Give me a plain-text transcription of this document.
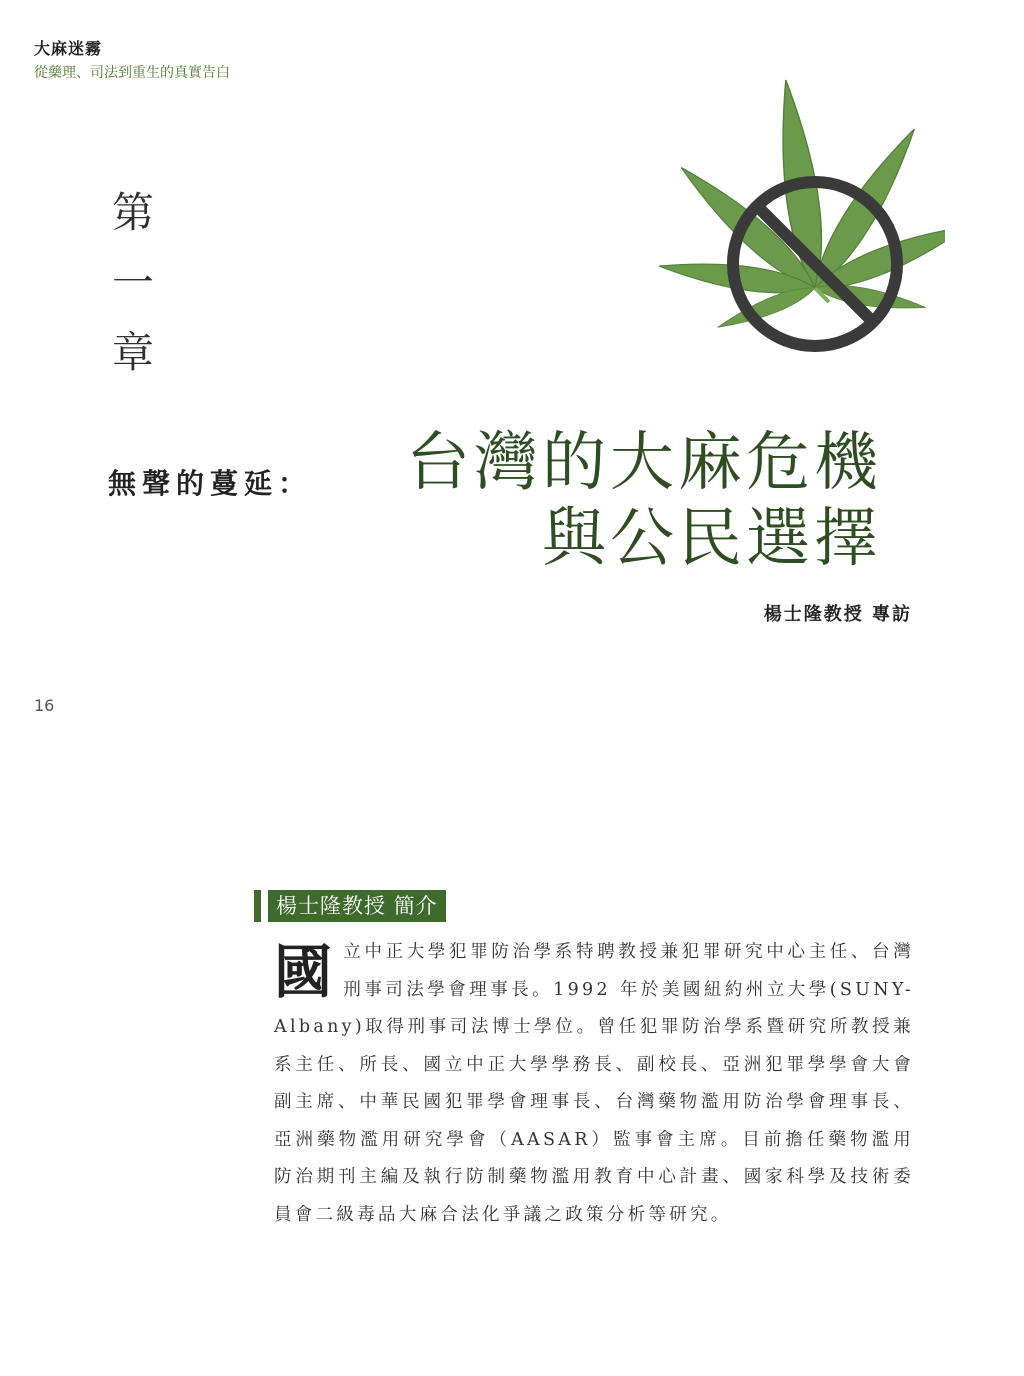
大麻迷霧
從藥理、司法到重生的真實告白
第
一
章
無聲的蔓延：	台灣的大麻危機
與公民選擇
楊士隆教授 專訪
16
楊士隆教授 簡介
國立中正大學犯罪防治學系特聘教授兼犯罪研究中心主任、台灣刑事司法學會理事長。1992 年於美國紐約州立大學(SUNY-Albany)取得刑事司法博士學位。曾任犯罪防治學系暨研究所教授兼系主任、所長、國立中正大學學務長、副校長、亞洲犯罪學學會大會副主席、中華民國犯罪學會理事長、台灣藥物濫用防治學會理事長、亞洲藥物濫用研究學會（AASAR）監事會主席。目前擔任藥物濫用防治期刊主編及執行防制藥物濫用教育中心計畫、國家科學及技術委員會二級毒品大麻合法化爭議之政策分析等研究。
